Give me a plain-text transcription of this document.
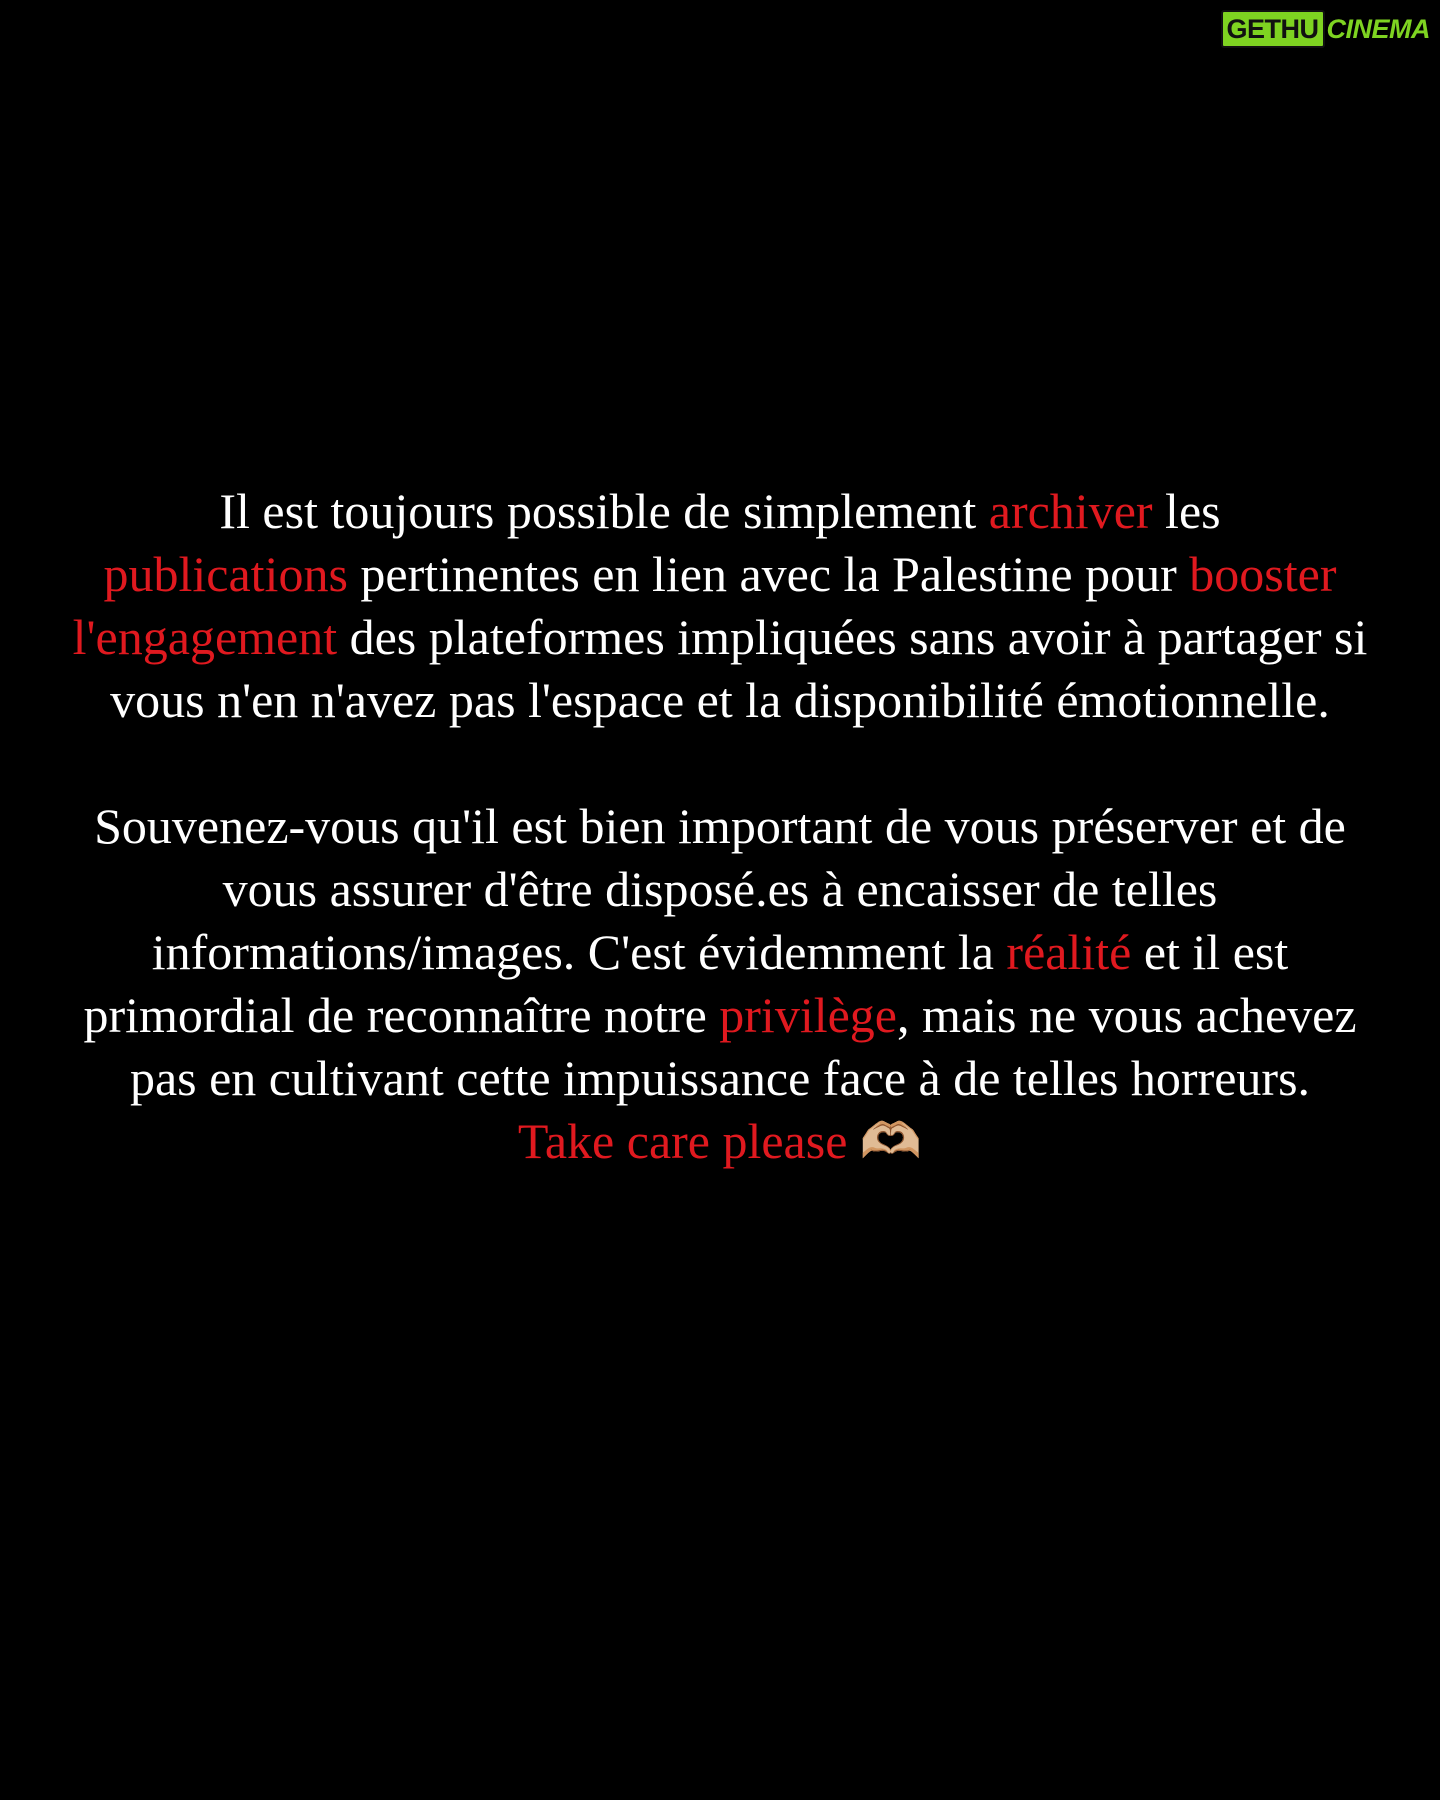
GETHU CINEMA

Il est toujours possible de simplement archiver les
publications pertinentes en lien avec la Palestine pour booster l'engagement des plateformes impliquées sans avoir à partager si vous n'en n'avez pas l'espace et la disponibilité émotionnelle.

Souvenez-vous qu'il est bien important de vous préserver et de vous assurer d'être disposé.es à encaisser de telles informations/images. C'est évidemment la réalité et il est primordial de reconnaître notre privilège, mais ne vous achevez pas en cultivant cette impuissance face à de telles horreurs.
Take care please 🫶🏼
